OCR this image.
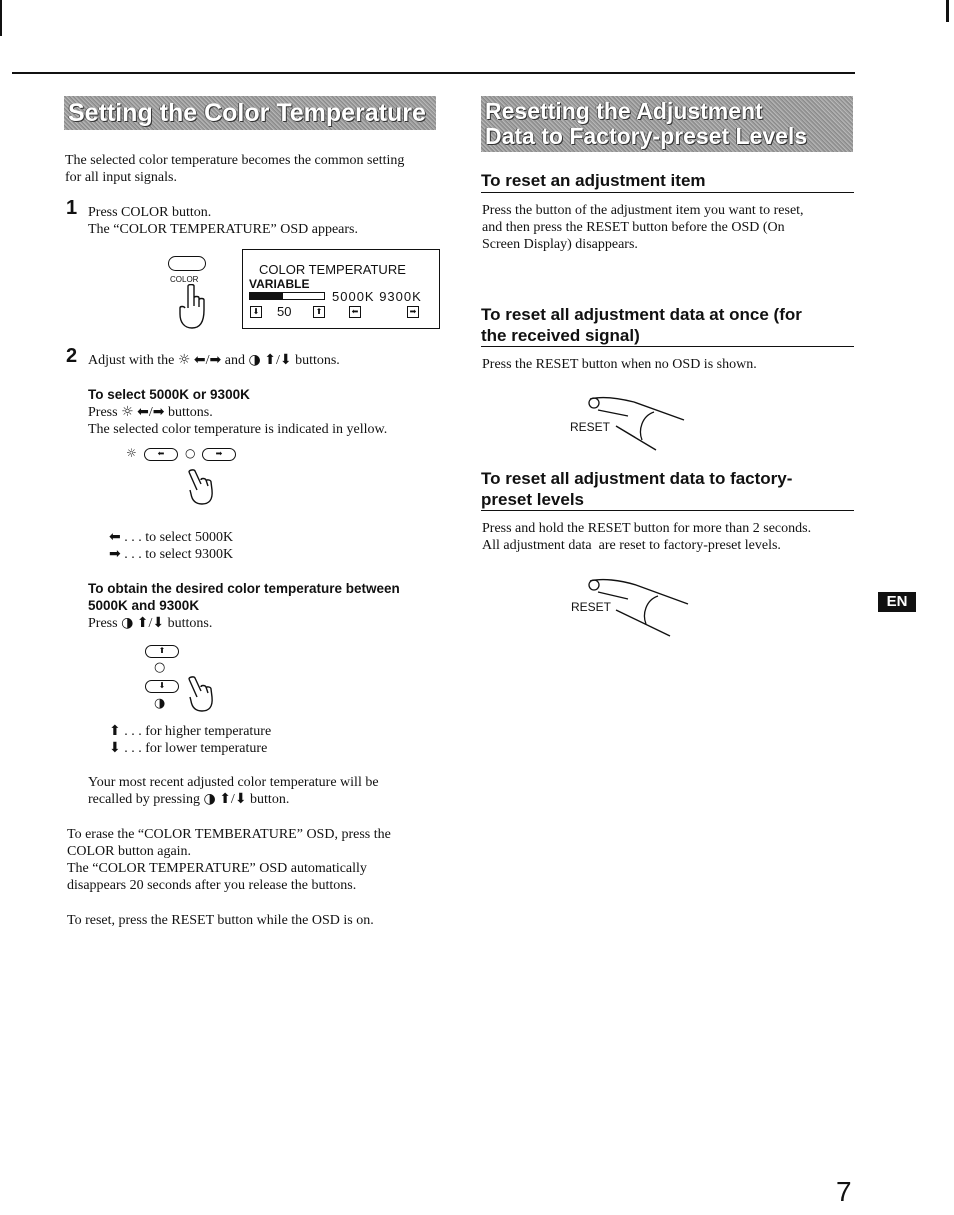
Setting the Color Temperature
The selected color temperature becomes the common setting
for all input signals.
1 Press COLOR button.
The “COLOR TEMPERATURE” OSD appears.
COLOR
COLOR TEMPERATURE
VARIABLE
5000K 9300K
⬇ 50	⬆	⬅	➡
2 Adjust with the ☼ ⬅/➡ and ◑ ⬆/⬇ buttons.
To select 5000K or 9300K
Press ☼ ⬅/➡ buttons.
The selected color temperature is indicated in yellow.
☼	⬅	○	➡
⬅ . . . to select 5000K
➡ . . . to select 9300K
To obtain the desired color temperature between
5000K and 9300K
Press ◑ ⬆/⬇ buttons.
⬆
○
⬇
◑
⬆ . . . for higher temperature
⬇ . . . for lower temperature
Your most recent adjusted color temperature will be
recalled by pressing ◑ ⬆/⬇ button.
To erase the “COLOR TEMBERATURE” OSD, press the
COLOR button again.
The “COLOR TEMPERATURE” OSD automatically
disappears 20 seconds after you release the buttons.
To reset, press the RESET button while the OSD is on.
Resetting the Adjustment
Data to Factory-preset Levels
To reset an adjustment item
Press the button of the adjustment item you want to reset,
and then press the RESET button before the OSD (On
Screen Display) disappears.
To reset all adjustment data at once (for
the received signal)
Press the RESET button when no OSD is shown.
RESET
To reset all adjustment data to factory-
preset levels
Press and hold the RESET button for more than 2 seconds.
All adjustment data  are reset to factory-preset levels.
RESET	EN
7
